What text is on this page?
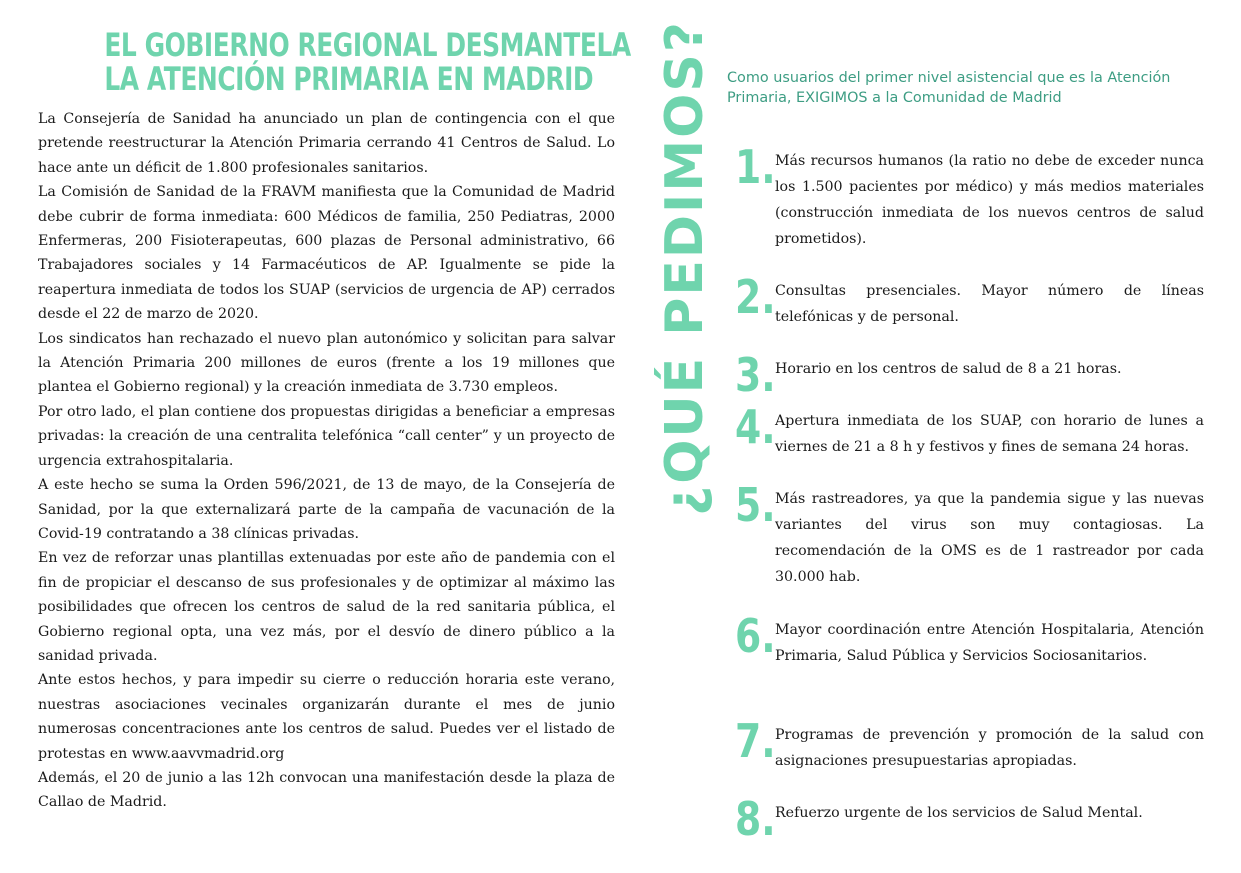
EL GOBIERNO REGIONAL DESMANTELA
LA ATENCIÓN PRIMARIA EN MADRID

La Consejería de Sanidad ha anunciado un plan de contingencia con el que pretende reestructurar la Atención Primaria cerrando 41 Centros de Salud. Lo hace ante un déficit de 1.800 profesionales sanitarios.

La Comisión de Sanidad de la FRAVM manifiesta que la Comunidad de Madrid debe cubrir de forma inmediata: 600 Médicos de familia, 250 Pediatras, 2000 Enfermeras, 200 Fisioterapeutas, 600 plazas de Personal administrativo, 66 Trabajadores sociales y 14 Farmacéuticos de AP. Igualmente se pide la reapertura inmediata de todos los SUAP (servicios de urgencia de AP) cerrados desde el 22 de marzo de 2020.

Los sindicatos han rechazado el nuevo plan autonómico y solicitan para salvar la Atención Primaria 200 millones de euros (frente a los 19 millones que plantea el Gobierno regional) y la creación inmediata de 3.730 empleos.

Por otro lado, el plan contiene dos propuestas dirigidas a beneficiar a empresas privadas: la creación de una centralita telefónica “call center” y un proyecto de urgencia extrahospitalaria.

A este hecho se suma la Orden 596/2021, de 13 de mayo, de la Consejería de Sanidad, por la que externalizará parte de la campaña de vacunación de la Covid-19 contratando a 38 clínicas privadas.

En vez de reforzar unas plantillas extenuadas por este año de pandemia con el fin de propiciar el descanso de sus profesionales y de optimizar al máximo las posibilidades que ofrecen los centros de salud de la red sanitaria pública, el Gobierno regional opta, una vez más, por el desvío de dinero público a la sanidad privada.

Ante estos hechos, y para impedir su cierre o reducción horaria este verano, nuestras asociaciones vecinales organizarán durante el mes de junio numerosas concentraciones ante los centros de salud. Puedes ver el listado de protestas en www.aavvmadrid.org

Además, el 20 de junio a las 12h convocan una manifestación desde la plaza de Callao de Madrid.

¿QUÉ PEDIMOS? Como usuarios del primer nivel asistencial que es la Atención
Primaria, EXIGIMOS a la Comunidad de Madrid
1. Más recursos humanos (la ratio no debe de exceder nunca los 1.500 pacientes por médico) y más medios materiales (construcción inmediata de los nuevos centros de salud prometidos).
2. Consultas presenciales. Mayor número de líneas telefónicas y de personal.
3. Horario en los centros de salud de 8 a 21 horas.
4. Apertura inmediata de los SUAP, con horario de lunes a viernes de 21 a 8 h y festivos y fines de semana 24 horas.
5. Más rastreadores, ya que la pandemia sigue y las nuevas variantes del virus son muy contagiosas. La recomendación de la OMS es de 1 rastreador por cada 30.000 hab.
6. Mayor coordinación entre Atención Hospitalaria, Atención Primaria, Salud Pública y Servicios Sociosanitarios.
7. Programas de prevención y promoción de la salud con asignaciones presupuestarias apropiadas.
8. Refuerzo urgente de los servicios de Salud Mental.
